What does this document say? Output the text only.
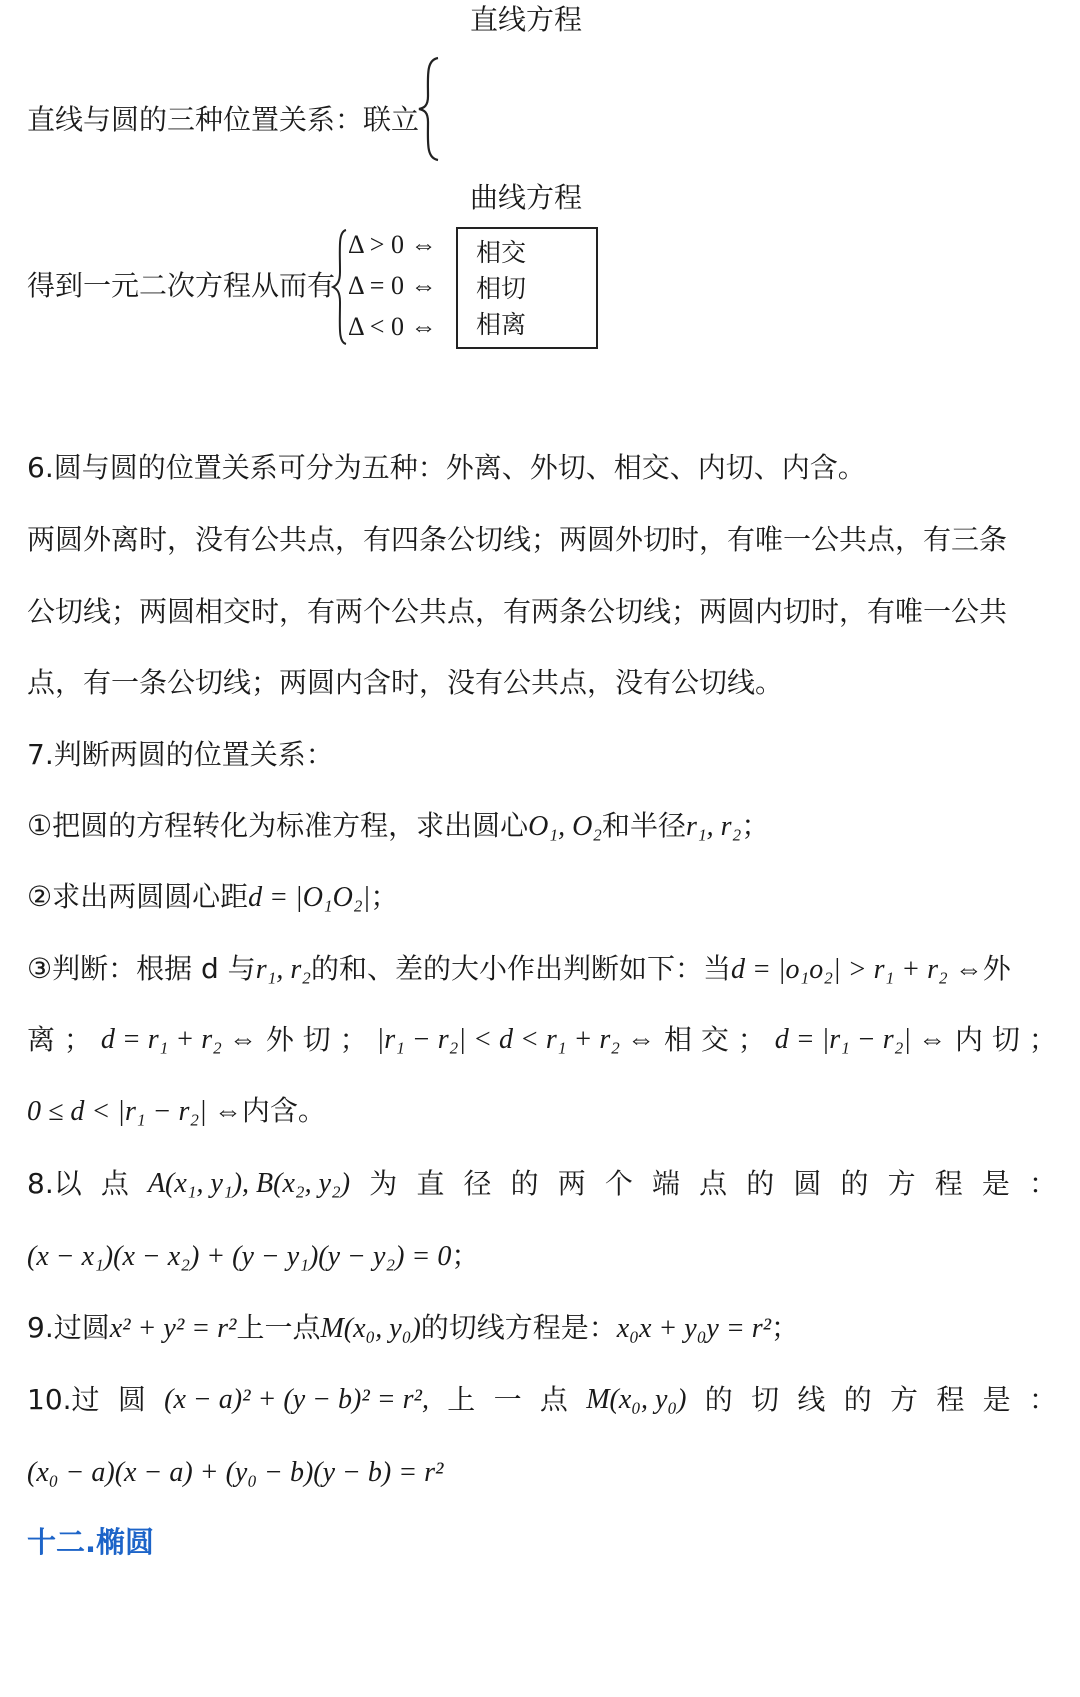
直线方程
直线与圆的三种位置关系：联立
曲线方程
得到一元二次方程从而有
Δ > 0 ⇔
Δ = 0 ⇔
Δ < 0 ⇔
相交
相切
相离
6.圆与圆的位置关系可分为五种：外离、外切、相交、内切、内含。
两圆外离时，没有公共点，有四条公切线；两圆外切时，有唯一公共点，有三条
公切线；两圆相交时，有两个公共点，有两条公切线；两圆内切时，有唯一公共
点，有一条公切线；两圆内含时，没有公共点，没有公切线。
7.判断两圆的位置关系：
①把圆的方程转化为标准方程，求出圆心O₁, O₂和半径r₁, r₂；
②求出两圆圆心距d = |O₁O₂|；
③判断：根据 d 与r₁, r₂的和、差的大小作出判断如下：当d = |o₁o₂| > r₁ + r₂ ⇔外
离 ； d = r₁ + r₂ ⇔ 外 切 ； |r₁ − r₂| < d < r₁ + r₂ ⇔ 相 交 ； d = |r₁ − r₂| ⇔ 内 切 ；
0 ≤ d < |r₁ − r₂| ⇔内含。
8.以 点 A(x₁, y₁), B(x₂, y₂) 为 直 径 的 两 个 端 点 的 圆 的 方 程 是 ：
(x − x₁)(x − x₂) + (y − y₁)(y − y₂) = 0；
9.过圆x² + y² = r²上一点M(x₀, y₀)的切线方程是：x₀x + y₀y = r²；
10.过 圆 (x − a)² + (y − b)² = r², 上 一 点 M(x₀, y₀) 的 切 线 的 方 程 是 ：
(x₀ − a)(x − a) + (y₀ − b)(y − b) = r²
十二.椭圆
